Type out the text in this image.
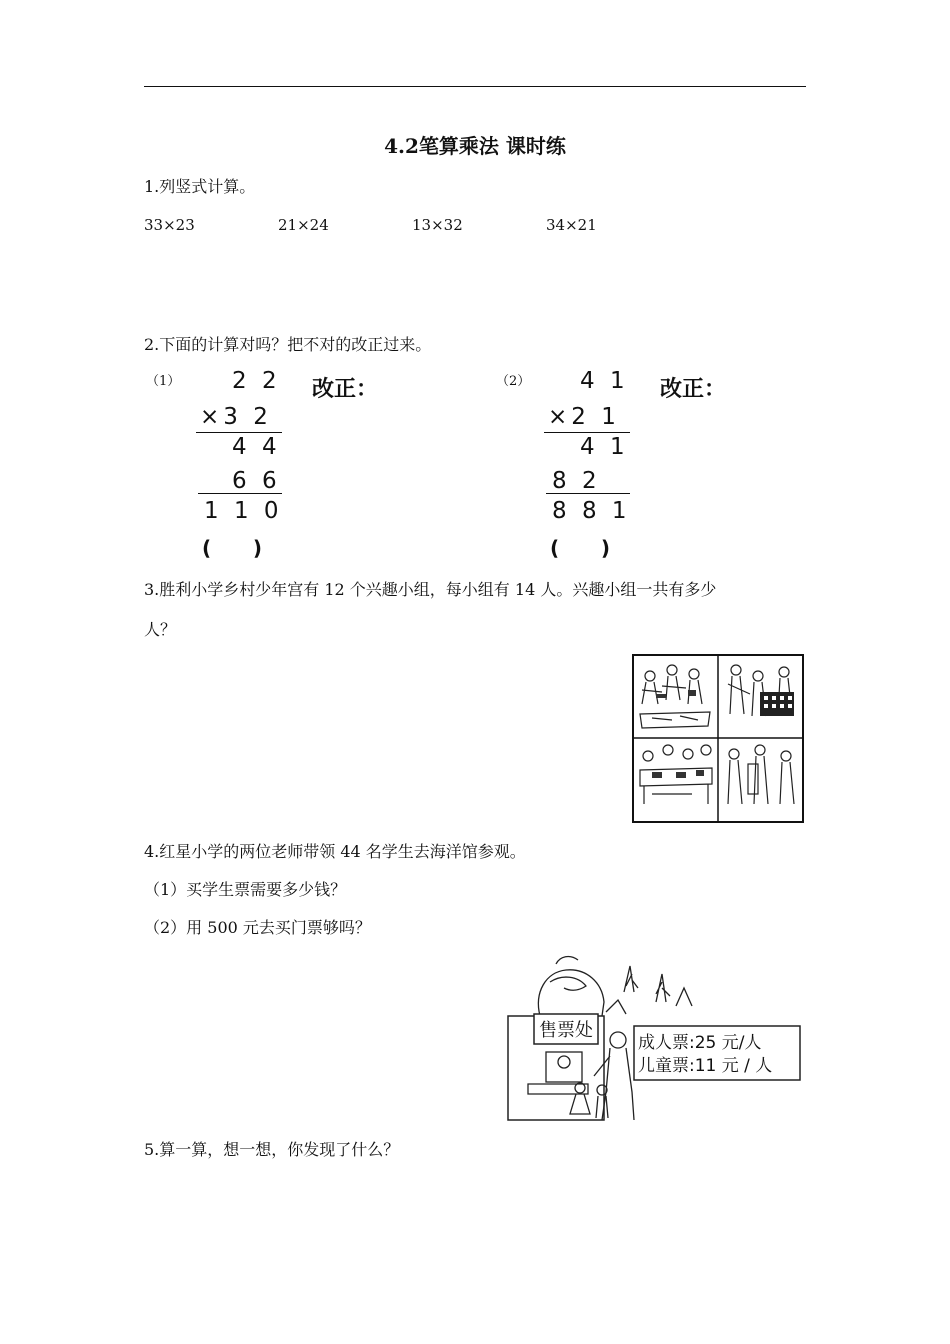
4.2笔算乘法 课时练
1.列竖式计算。
33×23	21×24	13×32	34×21
2.下面的计算对吗？把不对的改正过来。
（1） 2 2
×3 2
4 4
6 6
1 1 0
改正：
(      )
（2） 4 1
×2 1
4 1
8 2
8 8 1
改正：
(      )
3.胜利小学乡村少年宫有 12 个兴趣小组，每小组有 14 人。兴趣小组一共有多少
人？
4.红星小学的两位老师带领 44 名学生去海洋馆参观。
（1）买学生票需要多少钱？
（2）用 500 元去买门票够吗？
售票处
成人票:25 元/人
儿童票:11 元 / 人
5.算一算，想一想，你发现了什么？
